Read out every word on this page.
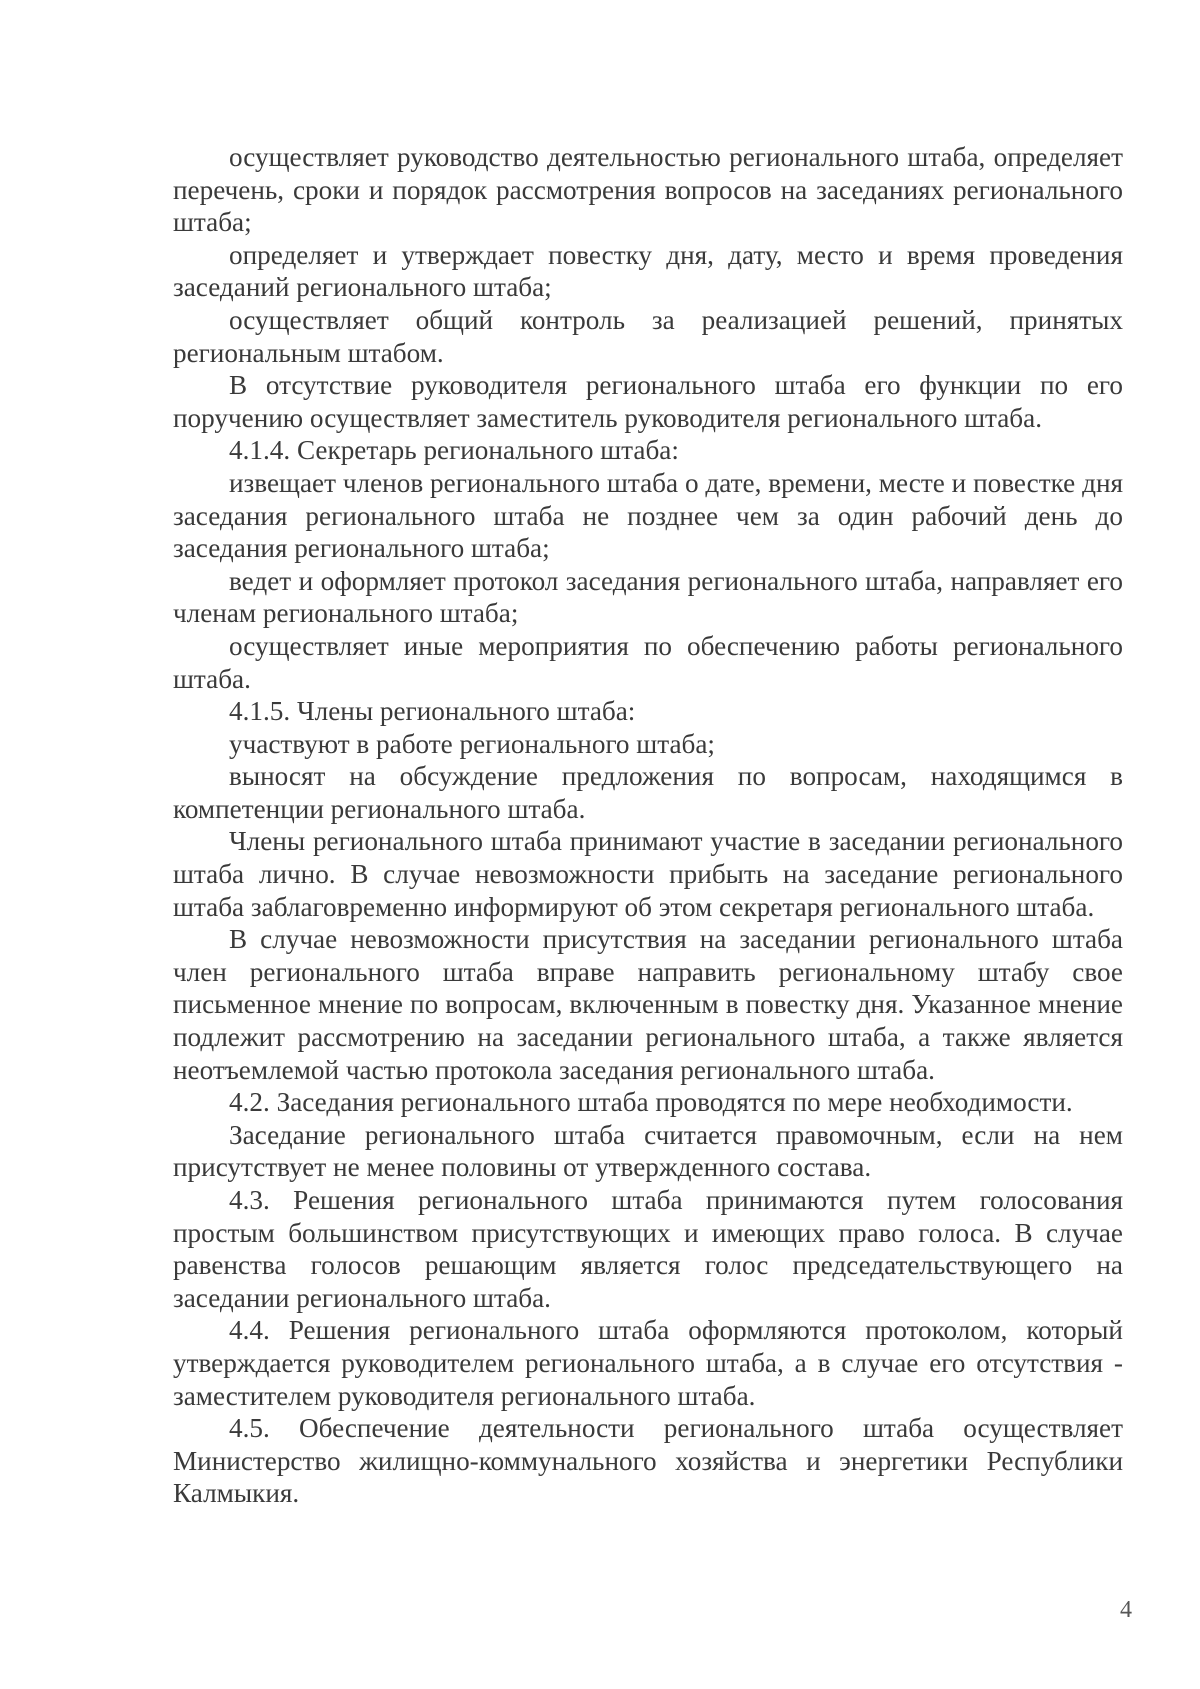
осуществляет руководство деятельностью регионального штаба, определяет перечень, сроки и порядок рассмотрения вопросов на заседаниях регионального штаба;

определяет и утверждает повестку дня, дату, место и время проведения заседаний регионального штаба;

осуществляет общий контроль за реализацией решений, принятых региональным штабом.

В отсутствие руководителя регионального штаба его функции по его поручению осуществляет заместитель руководителя регионального штаба.

4.1.4. Секретарь регионального штаба:

извещает членов регионального штаба о дате, времени, месте и повестке дня заседания регионального штаба не позднее чем за один рабочий день до заседания регионального штаба;

ведет и оформляет протокол заседания регионального штаба, направляет его членам регионального штаба;

осуществляет иные мероприятия по обеспечению работы регионального штаба.

4.1.5. Члены регионального штаба:

участвуют в работе регионального штаба;

выносят на обсуждение предложения по вопросам, находящимся в компетенции регионального штаба.

Члены регионального штаба принимают участие в заседании регионального штаба лично. В случае невозможности прибыть на заседание регионального штаба заблаговременно информируют об этом секретаря регионального штаба.

В случае невозможности присутствия на заседании регионального штаба член регионального штаба вправе направить региональному штабу свое письменное мнение по вопросам, включенным в повестку дня. Указанное мнение подлежит рассмотрению на заседании регионального штаба, а также является неотъемлемой частью протокола заседания регионального штаба.

4.2. Заседания регионального штаба проводятся по мере необходимости.

Заседание регионального штаба считается правомочным, если на нем присутствует не менее половины от утвержденного состава.

4.3. Решения регионального штаба принимаются путем голосования простым большинством присутствующих и имеющих право голоса. В случае равенства голосов решающим является голос председательствующего на заседании регионального штаба.

4.4. Решения регионального штаба оформляются протоколом, который утверждается руководителем регионального штаба, а в случае его отсутствия - заместителем руководителя регионального штаба.

4.5. Обеспечение деятельности регионального штаба осуществляет Министерство жилищно-коммунального хозяйства и энергетики Республики Калмыкия.

4
